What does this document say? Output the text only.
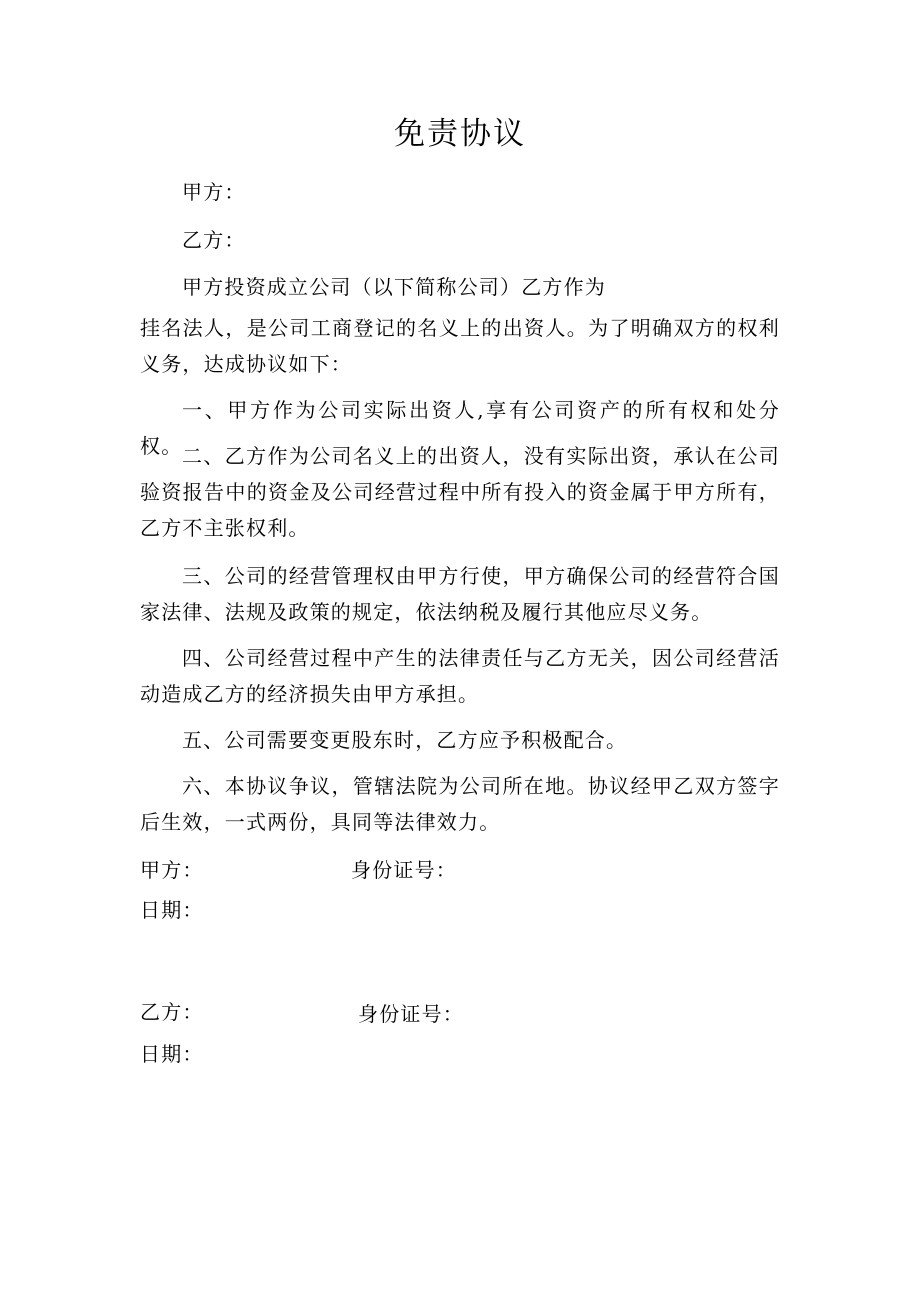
免责协议
甲方：
乙方：
甲方投资成立公司（以下简称公司）乙方作为
挂名法人，是公司工商登记的名义上的出资人。为了明确双方的权利义务，达成协议如下：
一、甲方作为公司实际出资人,享有公司资产的所有权和处分权。 二、乙方作为公司名义上的出资人，没有实际出资，承认在公司验资报告中的资金及公司经营过程中所有投入的资金属于甲方所有，乙方不主张权利。
三、公司的经营管理权由甲方行使，甲方确保公司的经营符合国家法律、法规及政策的规定，依法纳税及履行其他应尽义务。
四、公司经营过程中产生的法律责任与乙方无关，因公司经营活动造成乙方的经济损失由甲方承担。
五、公司需要变更股东时，乙方应予积极配合。
六、本协议争议，管辖法院为公司所在地。协议经甲乙双方签字后生效，一式两份，具同等法律效力。
甲方：	身份证号：
日期：
乙方：	身份证号：
日期：
